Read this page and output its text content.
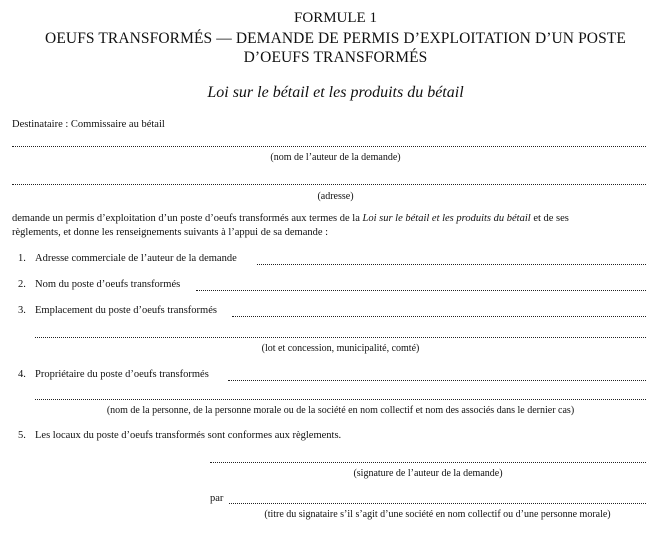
FORMULE 1
OEUFS TRANSFORMÉS — DEMANDE DE PERMIS D’EXPLOITATION D’UN POSTE
D’OEUFS TRANSFORMÉS
Loi sur le bétail et les produits du bétail
Destinataire : Commissaire au bétail
(nom de l’auteur de la demande)
(adresse)
demande un permis d’exploitation d’un poste d’oeufs transformés aux termes de la Loi sur le bétail et les produits du bétail et de ses
règlements, et donne les renseignements suivants à l’appui de sa demande :
1. Adresse commerciale de l’auteur de la demande
2. Nom du poste d’oeufs transformés
3. Emplacement du poste d’oeufs transformés
(lot et concession, municipalité, comté)
4. Propriétaire du poste d’oeufs transformés
(nom de la personne, de la personne morale ou de la société en nom collectif et nom des associés dans le dernier cas)
5. Les locaux du poste d’oeufs transformés sont conformes aux règlements.
(signature de l’auteur de la demande)
par
(titre du signataire s’il s’agit d’une société en nom collectif ou d’une personne morale)
